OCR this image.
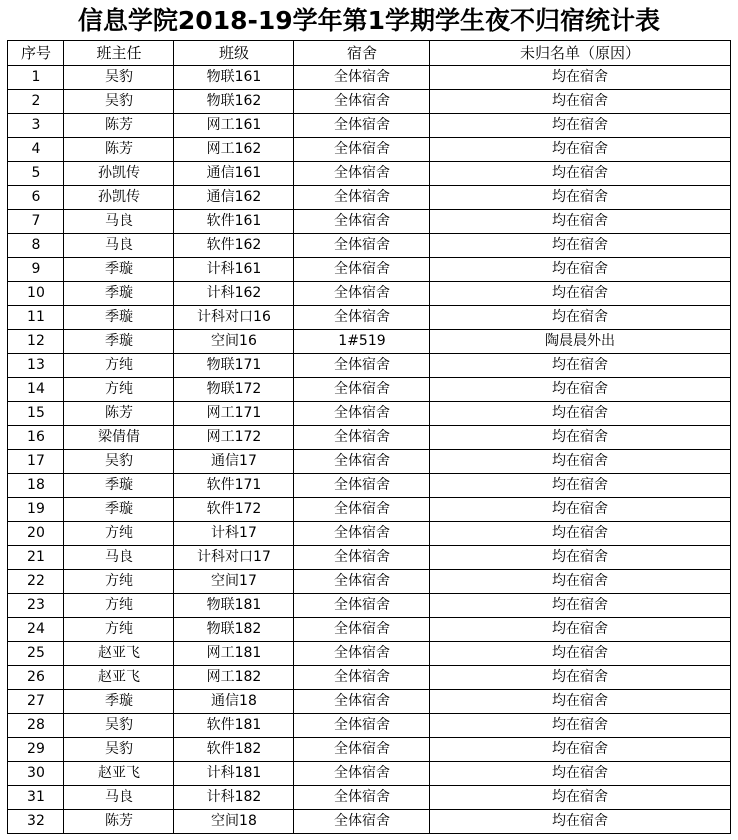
信息学院2018-19学年第1学期学生夜不归宿统计表				
序号	班主任	班级	宿舍	未归名单（原因）
1	吴豹	物联161	全体宿舍	均在宿舍
2	吴豹	物联162	全体宿舍	均在宿舍
3	陈芳	网工161	全体宿舍	均在宿舍
4	陈芳	网工162	全体宿舍	均在宿舍
5	孙凯传	通信161	全体宿舍	均在宿舍
6	孙凯传	通信162	全体宿舍	均在宿舍
7	马良	软件161	全体宿舍	均在宿舍
8	马良	软件162	全体宿舍	均在宿舍
9	季璇	计科161	全体宿舍	均在宿舍
10	季璇	计科162	全体宿舍	均在宿舍
11	季璇	计科对口16	全体宿舍	均在宿舍
12	季璇	空间16	1#519	陶晨晨外出
13	方纯	物联171	全体宿舍	均在宿舍
14	方纯	物联172	全体宿舍	均在宿舍
15	陈芳	网工171	全体宿舍	均在宿舍
16	梁倩倩	网工172	全体宿舍	均在宿舍
17	吴豹	通信17	全体宿舍	均在宿舍
18	季璇	软件171	全体宿舍	均在宿舍
19	季璇	软件172	全体宿舍	均在宿舍
20	方纯	计科17	全体宿舍	均在宿舍
21	马良	计科对口17	全体宿舍	均在宿舍
22	方纯	空间17	全体宿舍	均在宿舍
23	方纯	物联181	全体宿舍	均在宿舍
24	方纯	物联182	全体宿舍	均在宿舍
25	赵亚飞	网工181	全体宿舍	均在宿舍
26	赵亚飞	网工182	全体宿舍	均在宿舍
27	季璇	通信18	全体宿舍	均在宿舍
28	吴豹	软件181	全体宿舍	均在宿舍
29	吴豹	软件182	全体宿舍	均在宿舍
30	赵亚飞	计科181	全体宿舍	均在宿舍
31	马良	计科182	全体宿舍	均在宿舍
32	陈芳	空间18	全体宿舍	均在宿舍
